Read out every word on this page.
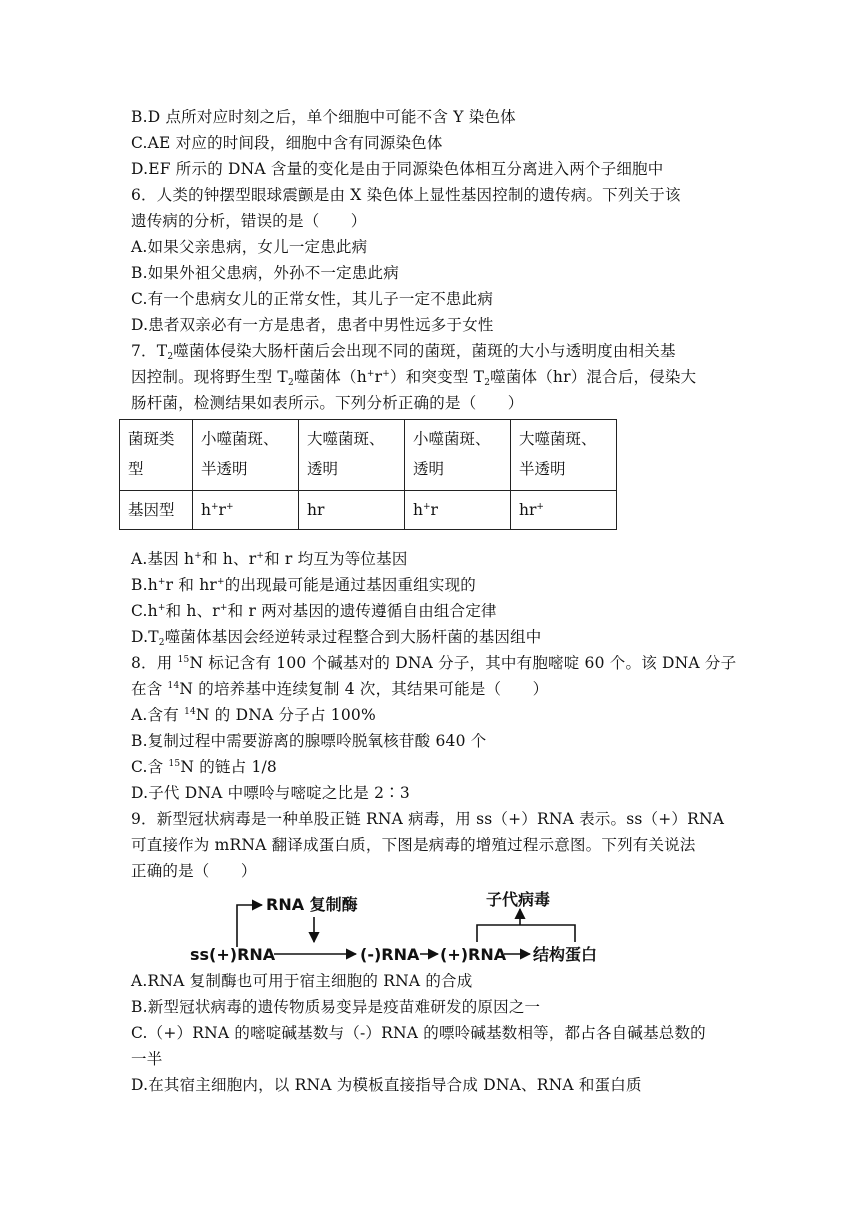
B.D 点所对应时刻之后，单个细胞中可能不含 Y 染色体
C.AE 对应的时间段，细胞中含有同源染色体
D.EF 所示的 DNA 含量的变化是由于同源染色体相互分离进入两个子细胞中
6．人类的钟摆型眼球震颤是由 X 染色体上显性基因控制的遗传病。下列关于该
遗传病的分析，错误的是（　　）
A.如果父亲患病，女儿一定患此病
B.如果外祖父患病，外孙不一定患此病
C.有一个患病女儿的正常女性，其儿子一定不患此病
D.患者双亲必有一方是患者，患者中男性远多于女性
7．$T_2$噬菌体侵染大肠杆菌后会出现不同的菌斑，菌斑的大小与透明度由相关基
因控制。现将野生型 $T_2$噬菌体（h+r+）和突变型 $T_2$噬菌体（hr）混合后，侵染大
肠杆菌，检测结果如表所示。下列分析正确的是（　　）
菌斑类型	小噬菌斑、半透明	大噬菌斑、透明	小噬菌斑、透明	大噬菌斑、半透明
基因型	h+r+	hr	h+r	hr+
A.基因 h+和 h、r+和 r 均互为等位基因
B.h+r 和 hr+的出现最可能是通过基因重组实现的
C.h+和 h、r+和 r 两对基因的遗传遵循自由组合定律
$D.T_2$噬菌体基因会经逆转录过程整合到大肠杆菌的基因组中
8．用 $^{15}$N 标记含有 100 个碱基对的 DNA 分子，其中有胞嘧啶 60 个。该 DNA 分子
在含 $^{14}$N 的培养基中连续复制 4 次，其结果可能是（　　）
A.含有 $^{14}$N 的 DNA 分子占 100%
B.复制过程中需要游离的腺嘌呤脱氧核苷酸 640 个
C.含 $^{15}$N 的链占 1/8
D.子代 DNA 中嘌呤与嘧啶之比是 2∶3
9．新型冠状病毒是一种单股正链 RNA 病毒，用 ss（+）RNA 表示。ss（+）RNA
可直接作为 mRNA 翻译成蛋白质，下图是病毒的增殖过程示意图。下列有关说法
正确的是（　　）
RNA 复制酶
ss(+)RNA	(-)RNA (+)RNA 结构蛋白
子代病毒
A.RNA 复制酶也可用于宿主细胞的 RNA 的合成
B.新型冠状病毒的遗传物质易变异是疫苗难研发的原因之一
C.（+）RNA 的嘧啶碱基数与（-）RNA 的嘌呤碱基数相等，都占各自碱基总数的
一半
D.在其宿主细胞内，以 RNA 为模板直接指导合成 DNA、RNA 和蛋白质
